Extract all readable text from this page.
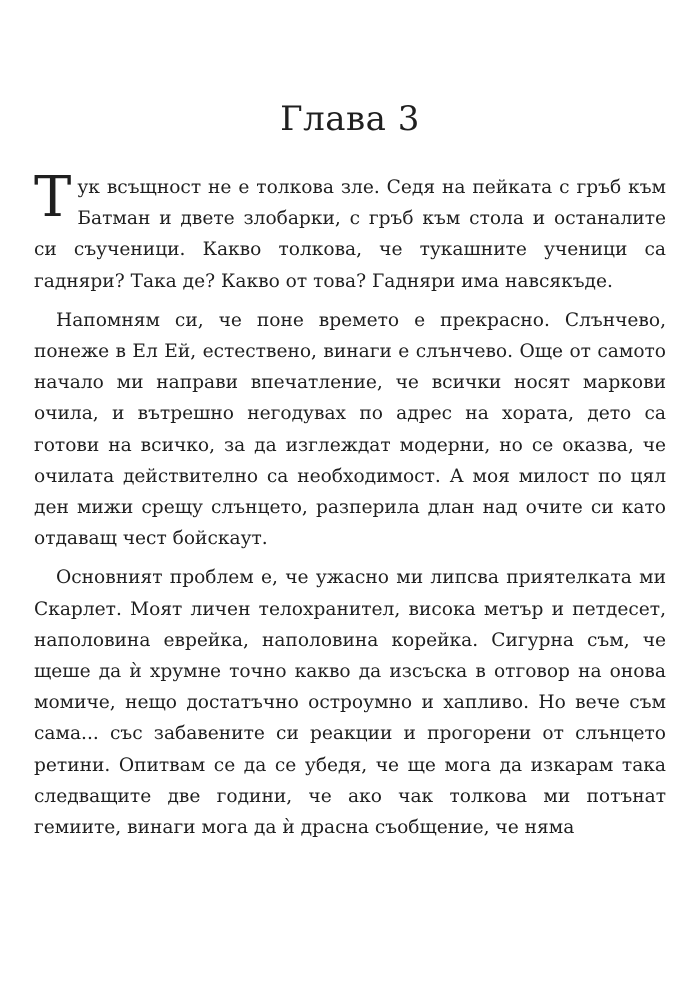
Глава 3

Тук всъщност не е толкова зле. Седя на пейката с гръб към Батман и двете злобарки, с гръб към стола и останалите си съученици. Какво толкова, че тукашните ученици са гадняри? Така де? Какво от това? Гадняри има навсякъде.

Напомням си, че поне времето е прекрасно. Слънчево, понеже в Ел Ей, естествено, винаги е слънчево. Още от самото начало ми направи впечатление, че всички носят маркови очила, и вътрешно негодувах по адрес на хората, дето са готови на всичко, за да изглеждат модерни, но се оказва, че очилата действително са необходимост. А моя милост по цял ден мижи срещу слънцето, разперила длан над очите си като отдаващ чест бойскаут.

Основният проблем е, че ужасно ми липсва приятелката ми Скарлет. Моят личен телохранител, висока метър и петдесет, наполовина еврейка, наполовина корейка. Сигурна съм, че щеше да ѝ хрумне точно какво да изсъска в отговор на онова момиче, нещо достатъчно остроумно и хапливо. Но вече съм сама... със забавените си реакции и прогорени от слънцето ретини. Опитвам се да се убедя, че ще мога да изкарам така следващите две години, че ако чак толкова ми потънат гемиите, винаги мога да ѝ драсна съобщение, че няма
